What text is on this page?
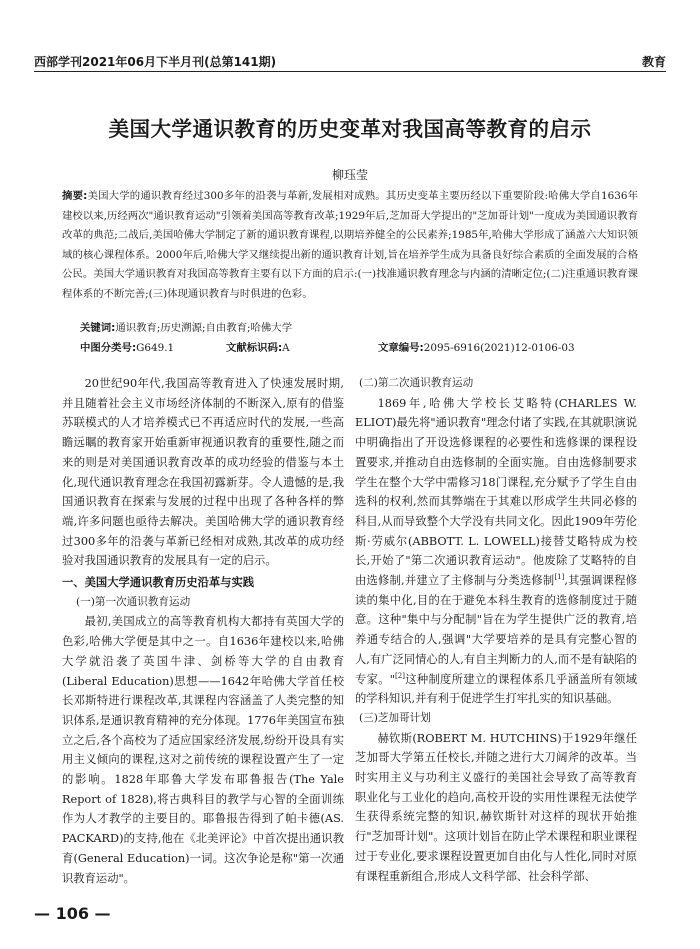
西部学刊2021年06月下半月刊(总第141期)	教育
美国大学通识教育的历史变革对我国高等教育的启示
柳珏莹
摘要:美国大学的通识教育经过300多年的沿袭与革新,发展相对成熟。其历史变革主要历经以下重要阶段:哈佛大学自1636年建校以来,历经两次"通识教育运动"引领着美国高等教育改革;1929年后,芝加哥大学提出的"芝加哥计划"一度成为美国通识教育改革的典范;二战后,美国哈佛大学制定了新的通识教育课程,以期培养健全的公民素养;1985年,哈佛大学形成了涵盖六大知识领域的核心课程体系。2000年后,哈佛大学又继续提出新的通识教育计划,旨在培养学生成为具备良好综合素质的全面发展的合格公民。美国大学通识教育对我国高等教育主要有以下方面的启示:(一)找准通识教育理念与内涵的清晰定位;(二)注重通识教育课程体系的不断完善;(三)体现通识教育与时俱进的色彩。
关键词:通识教育;历史溯源;自由教育;哈佛大学
中图分类号:G649.1	文献标识码:A	文章编号:2095-6916(2021)12-0106-03

20世纪90年代,我国高等教育进入了快速发展时期,并且随着社会主义市场经济体制的不断深入,原有的借鉴苏联模式的人才培养模式已不再适应时代的发展,一些高瞻远瞩的教育家开始重新审视通识教育的重要性,随之而来的则是对美国通识教育改革的成功经验的借鉴与本土化,现代通识教育理念在我国初露新芽。令人遗憾的是,我国通识教育在探索与发展的过程中出现了各种各样的弊端,许多问题也亟待去解决。美国哈佛大学的通识教育经过300多年的沿袭与革新已经相对成熟,其改革的成功经验对我国通识教育的发展具有一定的启示。

一、美国大学通识教育历史沿革与实践
(一)第一次通识教育运动

最初,美国成立的高等教育机构大都持有英国大学的色彩,哈佛大学便是其中之一。自1636年建校以来,哈佛大学就沿袭了英国牛津、剑桥等大学的自由教育(Liberal Education)思想——1642年哈佛大学首任校长邓斯特进行课程改革,其课程内容涵盖了人类完整的知识体系,是通识教育精神的充分体现。1776年美国宣布独立之后,各个高校为了适应国家经济发展,纷纷开设具有实用主义倾向的课程,这对之前传统的课程设置产生了一定的影响。1828年耶鲁大学发布耶鲁报告(The Yale Report of 1828),将古典科目的教学与心智的全面训练作为人才教学的主要目的。耶鲁报告得到了帕卡德(AS. PACKARD)的支持,他在《北美评论》中首次提出通识教育(General Education)一词。这次争论是称"第一次通识教育运动"。

(二)第二次通识教育运动

1869年,哈佛大学校长艾略特(CHARLES W. ELIOT)最先将"通识教育"理念付诸了实践,在其就职演说中明确指出了开设选修课程的必要性和选修课的课程设置要求,并推动自由选修制的全面实施。自由选修制要求学生在整个大学中需修习18门课程,充分赋予了学生自由选科的权利,然而其弊端在于其难以形成学生共同必修的科目,从而导致整个大学没有共同文化。因此1909年劳伦斯·劳威尔(ABBOTT. L. LOWELL)接替艾略特成为校长,开始了"第二次通识教育运动"。他废除了艾略特的自由选修制,并建立了主修制与分类选修制[1],其强调课程修读的集中化,目的在于避免本科生教育的选修制度过于随意。这种"集中与分配制"旨在为学生提供广泛的教育,培养通专结合的人,强调"大学要培养的是具有完整心智的人,有广泛同情心的人,有自主判断力的人,而不是有缺陷的专家。"[2]这种制度所建立的课程体系几乎涵盖所有领域的学科知识,并有利于促进学生打牢扎实的知识基础。

(三)芝加哥计划

赫钦斯(ROBERT M. HUTCHINS)于1929年继任芝加哥大学第五任校长,并随之进行大刀阔斧的改革。当时实用主义与功利主义盛行的美国社会导致了高等教育职业化与工业化的趋向,高校开设的实用性课程无法使学生获得系统完整的知识,赫钦斯针对这样的现状开始推行"芝加哥计划"。这项计划旨在防止学术课程和职业课程过于专业化,要求课程设置更加自由化与人性化,同时对原有课程重新组合,形成人文科学部、社会科学部、

— 106 —
